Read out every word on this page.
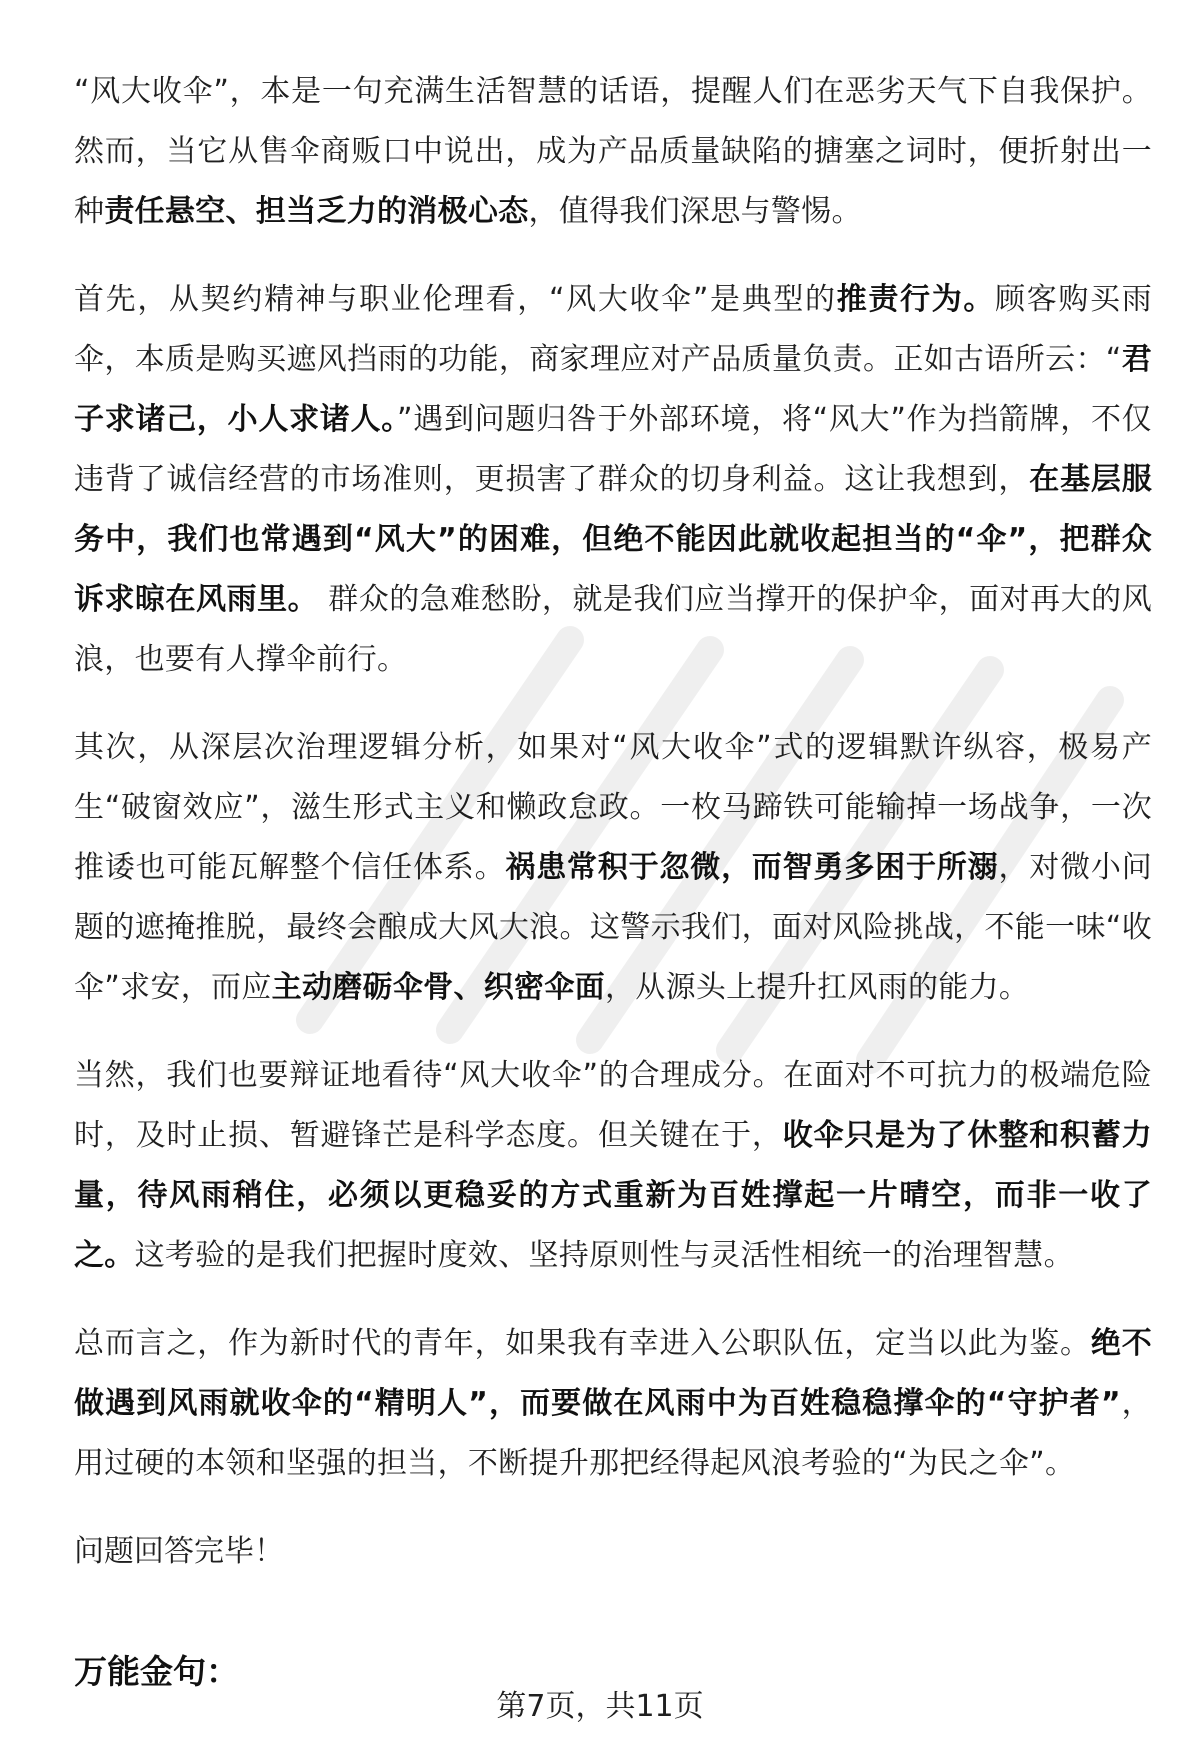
“风大收伞”，本是一句充满生活智慧的话语，提醒人们在恶劣天气下自我保护。然而，当它从售伞商贩口中说出，成为产品质量缺陷的搪塞之词时，便折射出一种责任悬空、担当乏力的消极心态，值得我们深思与警惕。

首先，从契约精神与职业伦理看，“风大收伞”是典型的推责行为。顾客购买雨伞，本质是购买遮风挡雨的功能，商家理应对产品质量负责。正如古语所云：“君子求诸己，小人求诸人。”遇到问题归咎于外部环境，将“风大”作为挡箭牌，不仅违背了诚信经营的市场准则，更损害了群众的切身利益。这让我想到，在基层服务中，我们也常遇到“风大”的困难，但绝不能因此就收起担当的“伞”，把群众诉求晾在风雨里。 群众的急难愁盼，就是我们应当撑开的保护伞，面对再大的风浪，也要有人撑伞前行。

其次，从深层次治理逻辑分析，如果对“风大收伞”式的逻辑默许纵容，极易产生“破窗效应”，滋生形式主义和懒政怠政。一枚马蹄铁可能输掉一场战争，一次推诿也可能瓦解整个信任体系。祸患常积于忽微，而智勇多困于所溺，对微小问题的遮掩推脱，最终会酿成大风大浪。这警示我们，面对风险挑战，不能一味“收伞”求安，而应主动磨砺伞骨、织密伞面，从源头上提升扛风雨的能力。

当然，我们也要辩证地看待“风大收伞”的合理成分。在面对不可抗力的极端危险时，及时止损、暂避锋芒是科学态度。但关键在于，收伞只是为了休整和积蓄力量，待风雨稍住，必须以更稳妥的方式重新为百姓撑起一片晴空，而非一收了之。这考验的是我们把握时度效、坚持原则性与灵活性相统一的治理智慧。

总而言之，作为新时代的青年，如果我有幸进入公职队伍，定当以此为鉴。绝不做遇到风雨就收伞的“精明人”，而要做在风雨中为百姓稳稳撑伞的“守护者”，用过硬的本领和坚强的担当，不断提升那把经得起风浪考验的“为民之伞”。

问题回答完毕！

万能金句：

第7页，共11页
